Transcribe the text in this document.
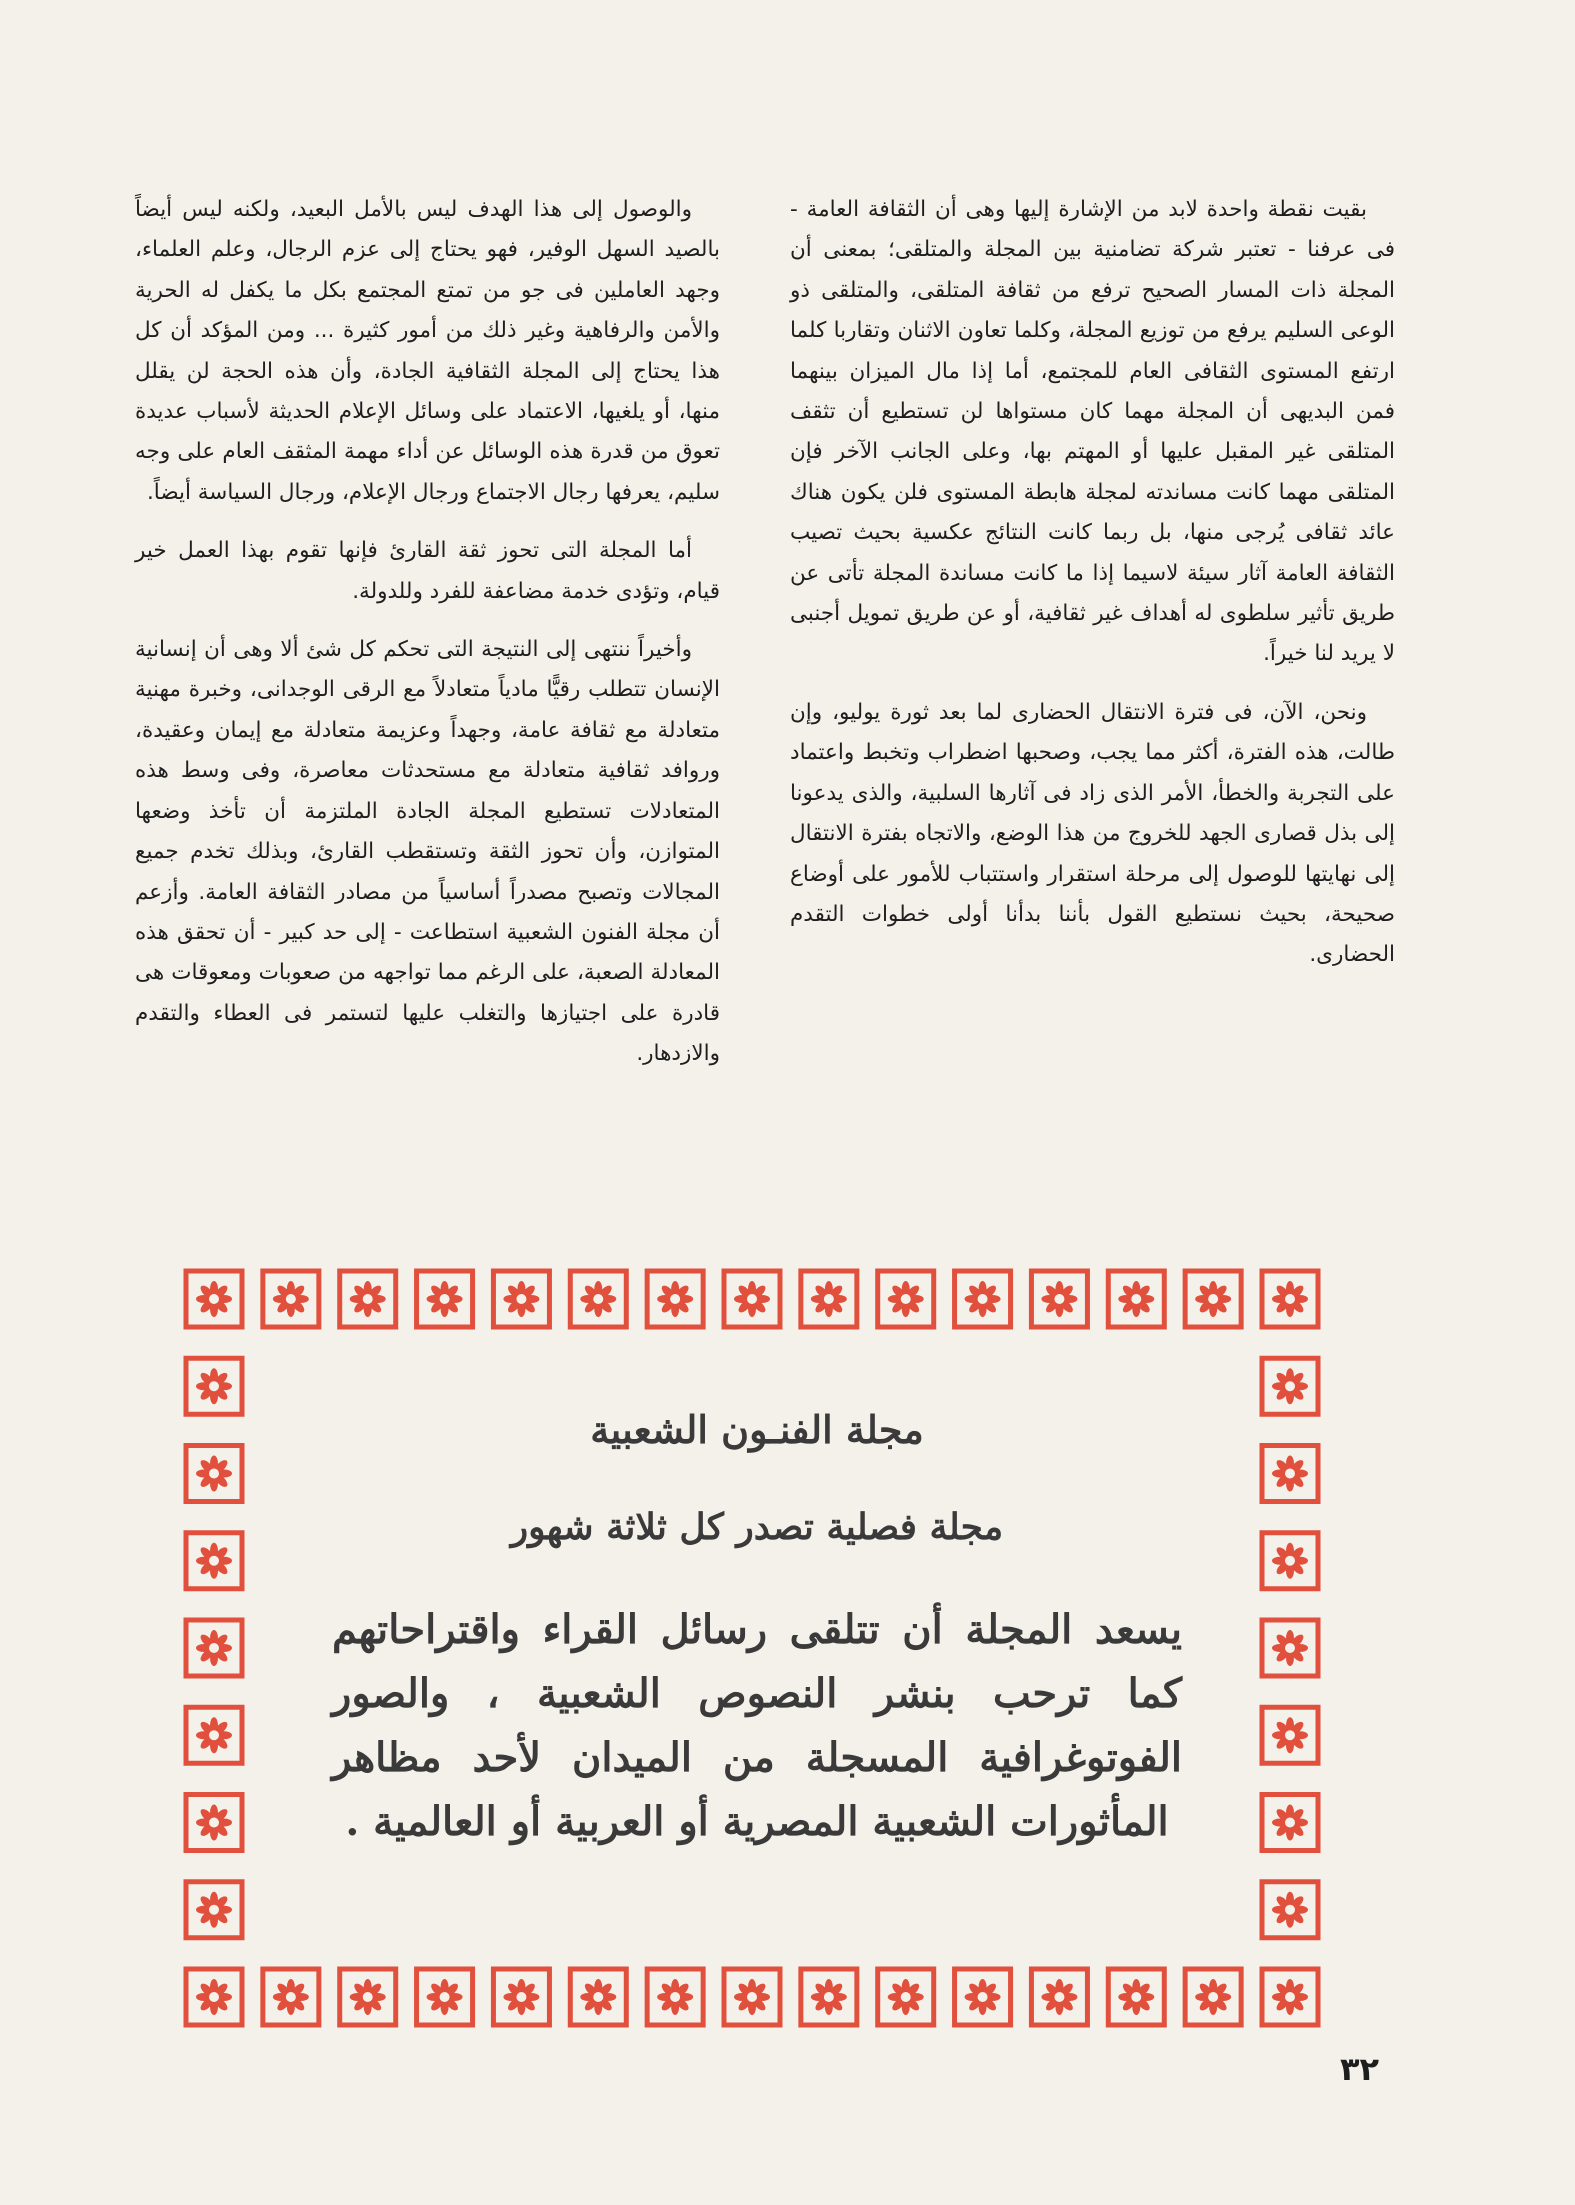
بقيت نقطة واحدة لابد من الإشارة إليها وهى أن الثقافة العامة - فى عرفنا - تعتبر شركة تضامنية بين المجلة والمتلقى؛ بمعنى أن المجلة ذات المسار الصحيح ترفع من ثقافة المتلقى، والمتلقى ذو الوعى السليم يرفع من توزيع المجلة، وكلما تعاون الاثنان وتقاربا كلما ارتفع المستوى الثقافى العام للمجتمع، أما إذا مال الميزان بينهما فمن البديهى أن المجلة مهما كان مستواها لن تستطيع أن تثقف المتلقى غير المقبل عليها أو المهتم بها، وعلى الجانب الآخر فإن المتلقى مهما كانت مساندته لمجلة هابطة المستوى فلن يكون هناك عائد ثقافى يُرجى منها، بل ربما كانت النتائج عكسية بحيث تصيب الثقافة العامة آثار سيئة لاسيما إذا ما كانت مساندة المجلة تأتى عن طريق تأثير سلطوى له أهداف غير ثقافية، أو عن طريق تمويل أجنبى لا يريد لنا خيراً.

ونحن، الآن، فى فترة الانتقال الحضارى لما بعد ثورة يوليو، وإن طالت، هذه الفترة، أكثر مما يجب، وصحبها اضطراب وتخبط واعتماد على التجربة والخطأ، الأمر الذى زاد فى آثارها السلبية، والذى يدعونا إلى بذل قصارى الجهد للخروج من هذا الوضع، والاتجاه بفترة الانتقال إلى نهايتها للوصول إلى مرحلة استقرار واستتباب للأمور على أوضاع صحيحة، بحيث نستطيع القول بأننا بدأنا أولى خطوات التقدم الحضارى.

والوصول إلى هذا الهدف ليس بالأمل البعيد، ولكنه ليس أيضاً بالصيد السهل الوفير، فهو يحتاج إلى عزم الرجال، وعلم العلماء، وجهد العاملين فى جو من تمتع المجتمع بكل ما يكفل له الحرية والأمن والرفاهية وغير ذلك من أمور كثيرة ... ومن المؤكد أن كل هذا يحتاج إلى المجلة الثقافية الجادة، وأن هذه الحجة لن يقلل منها، أو يلغيها، الاعتماد على وسائل الإعلام الحديثة لأسباب عديدة تعوق من قدرة هذه الوسائل عن أداء مهمة المثقف العام على وجه سليم، يعرفها رجال الاجتماع ورجال الإعلام، ورجال السياسة أيضاً.

أما المجلة التى تحوز ثقة القارئ فإنها تقوم بهذا العمل خير قيام، وتؤدى خدمة مضاعفة للفرد وللدولة.

وأخيراً ننتهى إلى النتيجة التى تحكم كل شئ ألا وهى أن إنسانية الإنسان تتطلب رقيًّا مادياً متعادلاً مع الرقى الوجدانى، وخبرة مهنية متعادلة مع ثقافة عامة، وجهداً وعزيمة متعادلة مع إيمان وعقيدة، وروافد ثقافية متعادلة مع مستحدثات معاصرة، وفى وسط هذه المتعادلات تستطيع المجلة الجادة الملتزمة أن تأخذ وضعها المتوازن، وأن تحوز الثقة وتستقطب القارئ، وبذلك تخدم جميع المجالات وتصبح مصدراً أساسياً من مصادر الثقافة العامة. وأزعم أن مجلة الفنون الشعبية استطاعت - إلى حد كبير - أن تحقق هذه المعادلة الصعبة، على الرغم مما تواجهه من صعوبات ومعوقات هى قادرة على اجتيازها والتغلب عليها لتستمر فى العطاء والتقدم والازدهار.

مجلة الفنـون الشعبية
مجلة فصلية تصدر كل ثلاثة شهور

يسعد المجلة أن تتلقى رسائل القراء واقتراحاتهم كما ترحب بنشر النصوص الشعبية ، والصور الفوتوغرافية المسجلة من الميدان لأحد مظاهر المأثورات الشعبية المصرية أو العربية أو العالمية .

٣٢
